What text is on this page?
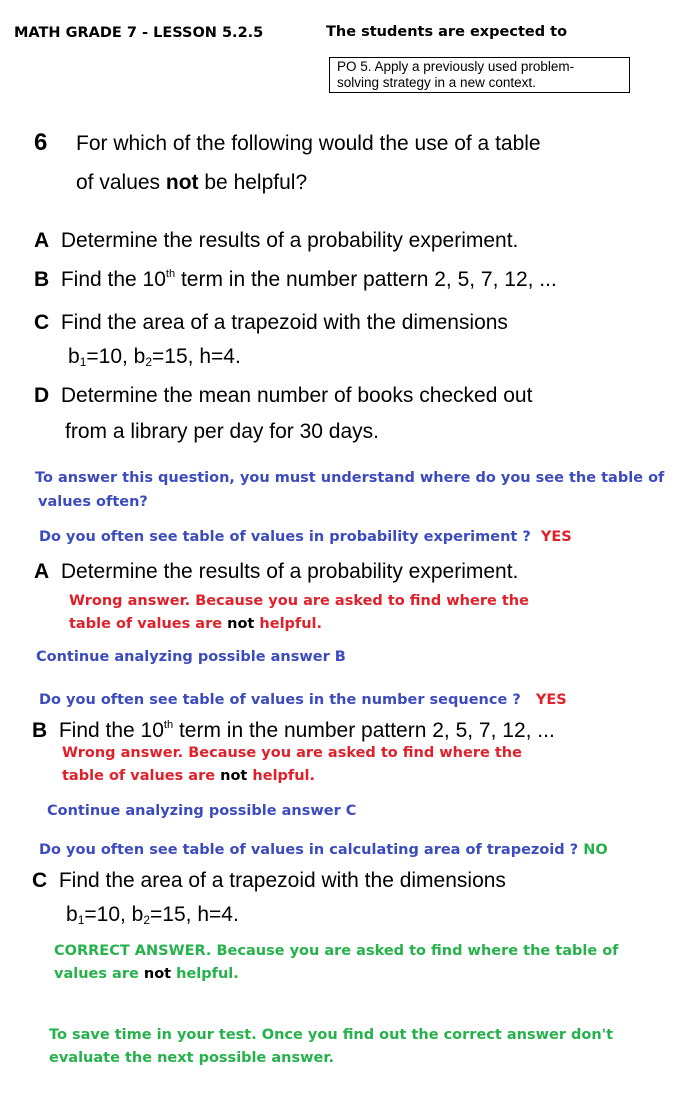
MATH GRADE 7 - LESSON 5.2.5	The students are expected to
PO 5. Apply a previously used problem-
solving strategy in a new context.
6 For which of the following would the use of a table
of values not be helpful?
A Determine the results of a probability experiment.
B Find the 10th term in the number pattern 2, 5, 7, 12, ...
C Find the area of a trapezoid with the dimensions
$b_1=10$, $b_2=15$, h=4.
D Determine the mean number of books checked out
from a library per day for 30 days.
To answer this question, you must understand where do you see the table of
values often?
Do you often see table of values in probability experiment ? YES
A Determine the results of a probability experiment.
Wrong answer. Because you are asked to find where the
table of values are not helpful.
Continue analyzing possible answer B
Do you often see table of values in the number sequence ? YES
B Find the 10th term in the number pattern 2, 5, 7, 12, ...
Wrong answer. Because you are asked to find where the
table of values are not helpful.
Continue analyzing possible answer C
Do you often see table of values in calculating area of trapezoid ? NO
C Find the area of a trapezoid with the dimensions
$b_1=10$, $b_2=15$, h=4.
CORRECT ANSWER. Because you are asked to find where the table of
values are not helpful.
To save time in your test. Once you find out the correct answer don't
evaluate the next possible answer.
